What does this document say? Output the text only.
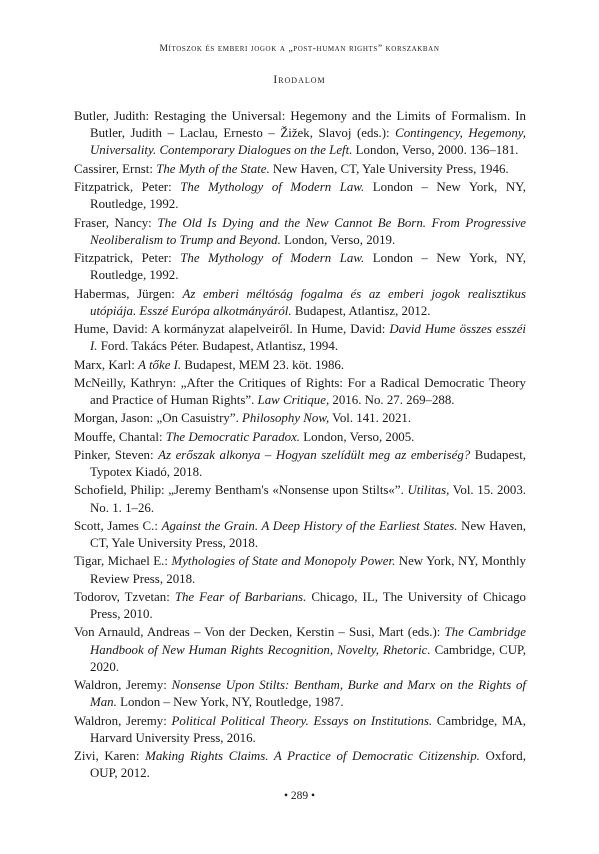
Mítoszok és emberi jogok a „post-human rights” korszakban
Irodalom

Butler, Judith: Restaging the Universal: Hegemony and the Limits of Formalism. In Butler, Judith – Laclau, Ernesto – Žižek, Slavoj (eds.): Contingency, Hegemony, Universality. Contemporary Dialogues on the Left. London, Verso, 2000. 136–181.

Cassirer, Ernst: The Myth of the State. New Haven, CT, Yale University Press, 1946.

Fitzpatrick, Peter: The Mythology of Modern Law. London – New York, NY, Routledge, 1992.

Fraser, Nancy: The Old Is Dying and the New Cannot Be Born. From Progressive Neoliberalism to Trump and Beyond. London, Verso, 2019.

Fitzpatrick, Peter: The Mythology of Modern Law. London – New York, NY, Routledge, 1992.

Habermas, Jürgen: Az emberi méltóság fogalma és az emberi jogok realisztikus utópiája. Esszé Európa alkotmányáról. Budapest, Atlantisz, 2012.

Hume, David: A kormányzat alapelveiről. In Hume, David: David Hume összes esszéi I. Ford. Takács Péter. Budapest, Atlantisz, 1994.

Marx, Karl: A tőke I. Budapest, MEM 23. köt. 1986.

McNeilly, Kathryn: „After the Critiques of Rights: For a Radical Democratic Theory and Practice of Human Rights”. Law Critique, 2016. No. 27. 269–288.

Morgan, Jason: „On Casuistry”. Philosophy Now, Vol. 141. 2021.

Mouffe, Chantal: The Democratic Paradox. London, Verso, 2005.

Pinker, Steven: Az erőszak alkonya – Hogyan szelídült meg az emberiség? Budapest, Typotex Kiadó, 2018.

Schofield, Philip: „Jeremy Bentham's «Nonsense upon Stilts«”. Utilitas, Vol. 15. 2003. No. 1. 1–26.

Scott, James C.: Against the Grain. A Deep History of the Earliest States. New Haven, CT, Yale University Press, 2018.

Tigar, Michael E.: Mythologies of State and Monopoly Power. New York, NY, Monthly Review Press, 2018.

Todorov, Tzvetan: The Fear of Barbarians. Chicago, IL, The University of Chicago Press, 2010.

Von Arnauld, Andreas – Von der Decken, Kerstin – Susi, Mart (eds.): The Cambridge Handbook of New Human Rights Recognition, Novelty, Rhetoric. Cambridge, CUP, 2020.

Waldron, Jeremy: Nonsense Upon Stilts: Bentham, Burke and Marx on the Rights of Man. London – New York, NY, Routledge, 1987.

Waldron, Jeremy: Political Political Theory. Essays on Institutions. Cambridge, MA, Harvard University Press, 2016.

Zivi, Karen: Making Rights Claims. A Practice of Democratic Citizenship. Oxford, OUP, 2012.

• 289 •
